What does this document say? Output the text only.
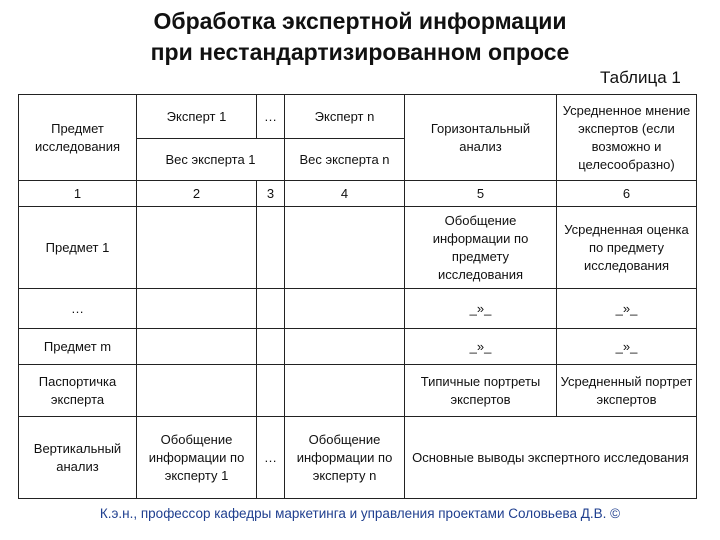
Обработка экспертной информации
при нестандартизированном опросе
Таблица 1
Предмет исследования	Эксперт 1	…	Эксперт n	Горизонтальный анализ	Усредненное мнение экспертов (если возможно и целесообразно)
	Вес эксперта 1		Вес эксперта n		
1	2	3	4	5	6
Предмет 1				Обобщение информации по предмету исследования	Усредненная оценка по предмету исследования
…				_»_	_»_
Предмет m				_»_	_»_
Паспортичка эксперта				Типичные портреты экспертов	Усредненный портрет экспертов
Вертикальный анализ	Обобщение информации по эксперту 1	…	Обобщение информации по эксперту n	Основные выводы экспертного исследования	
К.э.н., профессор кафедры маркетинга и управления проектами Соловьева Д.В. ©
